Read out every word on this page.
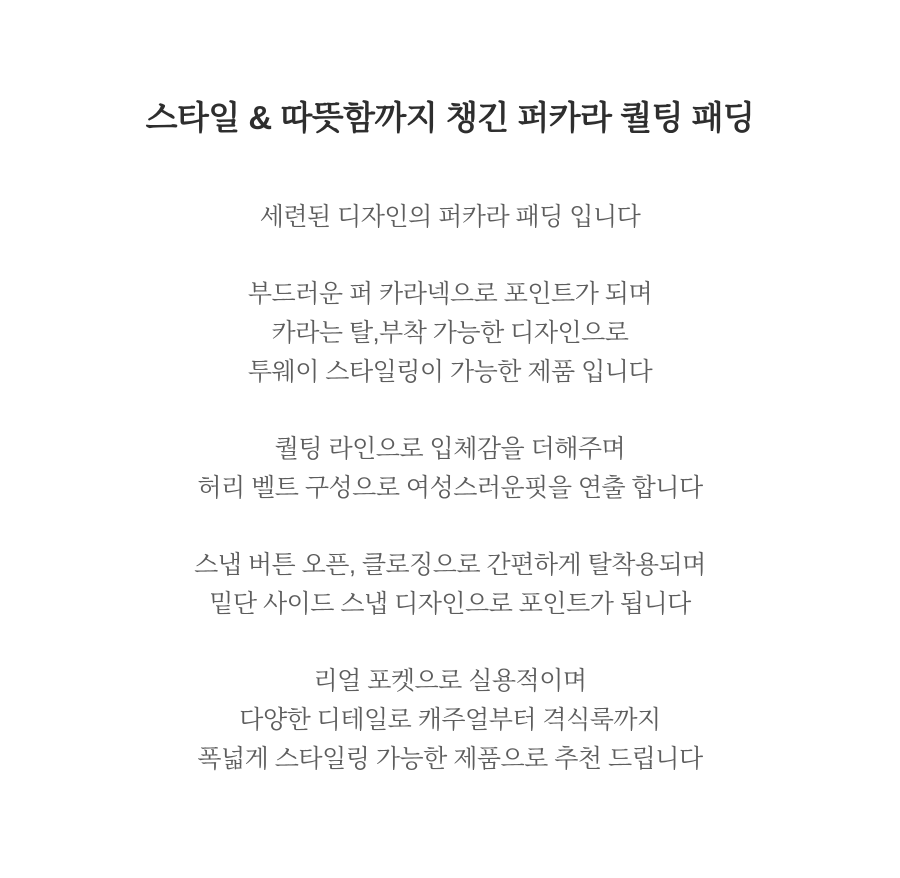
스타일 & 따뜻함까지 챙긴 퍼카라 퀄팅 패딩
세련된 디자인의 퍼카라 패딩 입니다
부드러운 퍼 카라넥으로 포인트가 되며
카라는 탈,부착 가능한 디자인으로
투웨이 스타일링이 가능한 제품 입니다
퀄팅 라인으로 입체감을 더해주며
허리 벨트 구성으로 여성스러운핏을 연출 합니다
스냅 버튼 오픈, 클로징으로 간편하게 탈착용되며
밑단 사이드 스냅 디자인으로 포인트가 됩니다
리얼 포켓으로 실용적이며
다양한 디테일로 캐주얼부터 격식룩까지
폭넓게 스타일링 가능한 제품으로 추천 드립니다
